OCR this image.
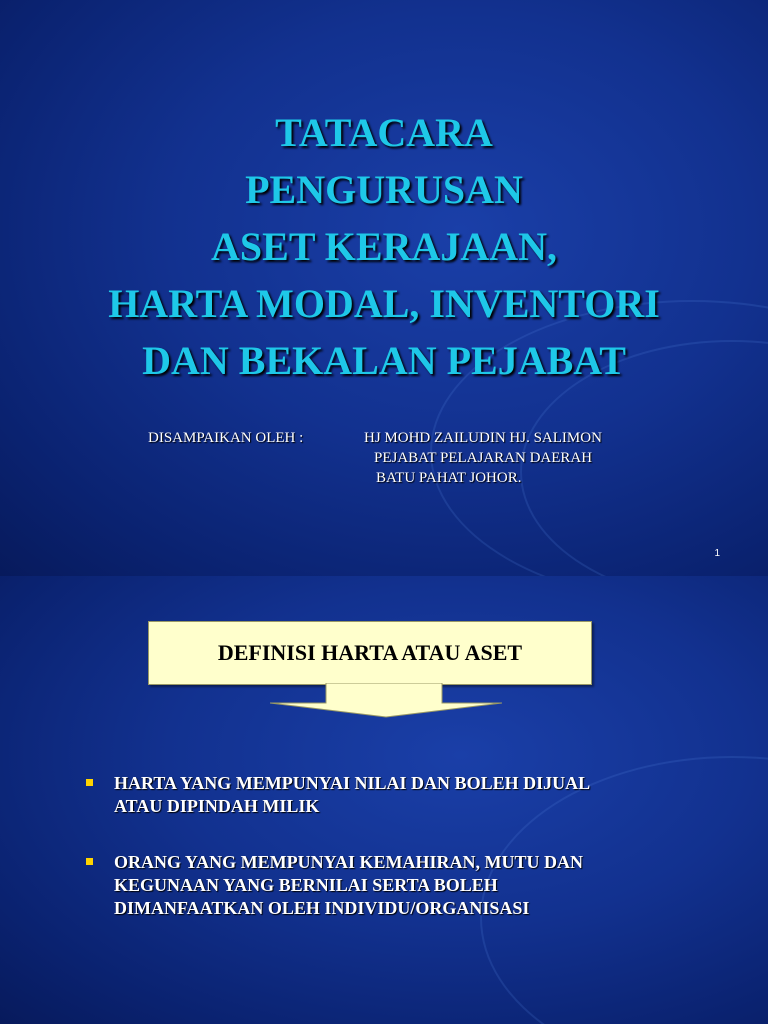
TATACARA
PENGURUSAN
ASET KERAJAAN,
HARTA MODAL, INVENTORI
DAN BEKALAN PEJABAT
DISAMPAIKAN OLEH :	HJ MOHD ZAILUDIN HJ. SALIMON
PEJABAT PELAJARAN DAERAH
BATU PAHAT JOHOR.
1
DEFINISI HARTA ATAU ASET
HARTA YANG MEMPUNYAI NILAI DAN BOLEH DIJUAL
ATAU DIPINDAH MILIK
ORANG YANG MEMPUNYAI KEMAHIRAN, MUTU DAN
KEGUNAAN YANG BERNILAI SERTA BOLEH
DIMANFAATKAN OLEH INDIVIDU/ORGANISASI
